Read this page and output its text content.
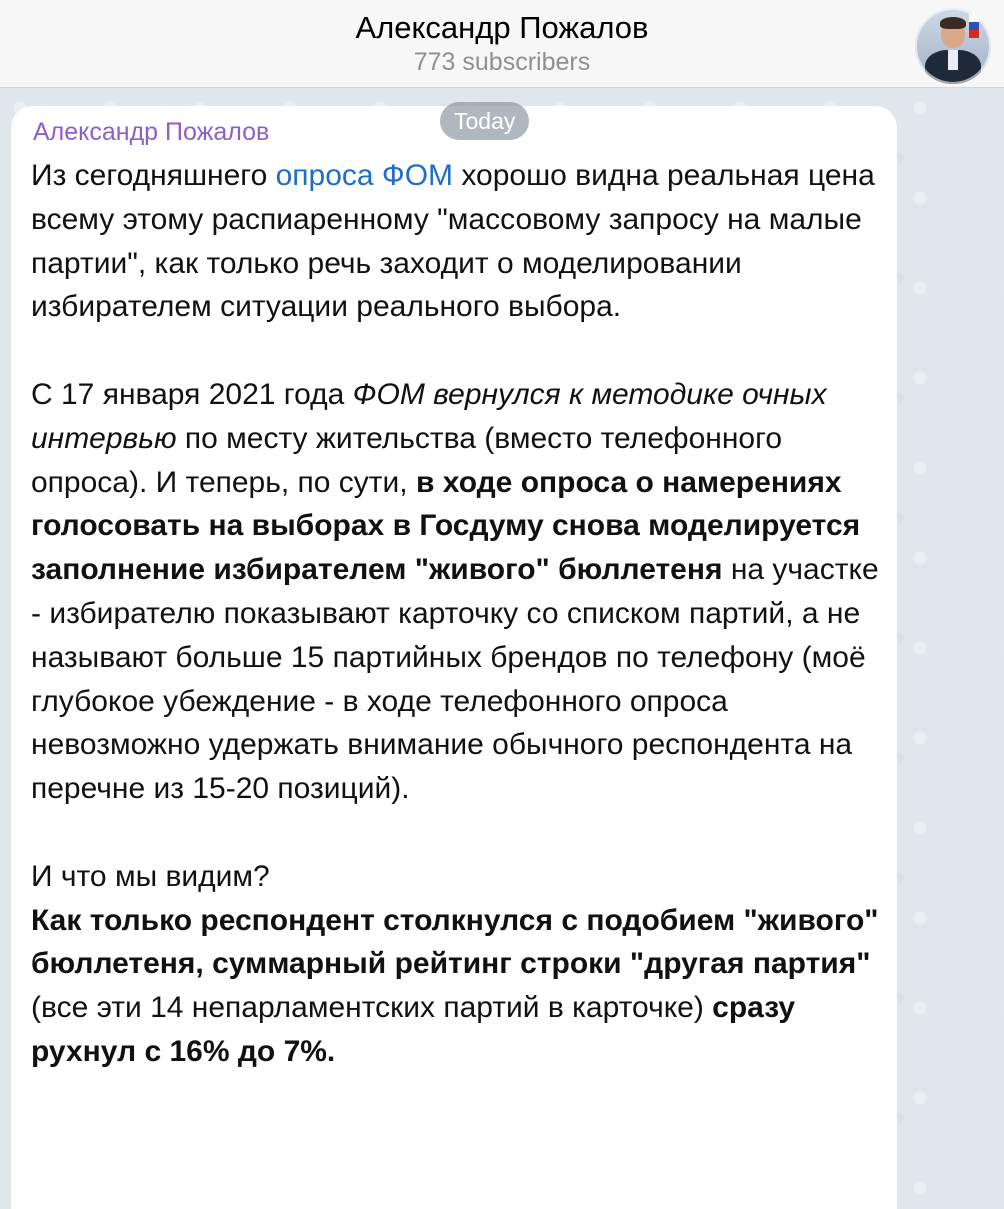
Александр Пожалов
773 subscribers
Today
Александр Пожалов

Из сегодняшнего опроса ФОМ хорошо видна реальная цена всему этому распиаренному "массовому запросу на малые партии", как только речь заходит о моделировании избирателем ситуации реального выбора.

С 17 января 2021 года ФОМ вернулся к методике очных интервью по месту жительства (вместо телефонного опроса). И теперь, по сути, в ходе опроса о намерениях голосовать на выборах в Госдуму снова моделируется заполнение избирателем "живого" бюллетеня на участке - избирателю показывают карточку со списком партий, а не называют больше 15 партийных брендов по телефону (моё глубокое убеждение - в ходе телефонного опроса невозможно удержать внимание обычного респондента на перечне из 15-20 позиций).

И что мы видим?

Как только респондент столкнулся с подобием "живого" бюллетеня, суммарный рейтинг строки "другая партия" (все эти 14 непарламентских партий в карточке) сразу рухнул с 16% до 7%.
